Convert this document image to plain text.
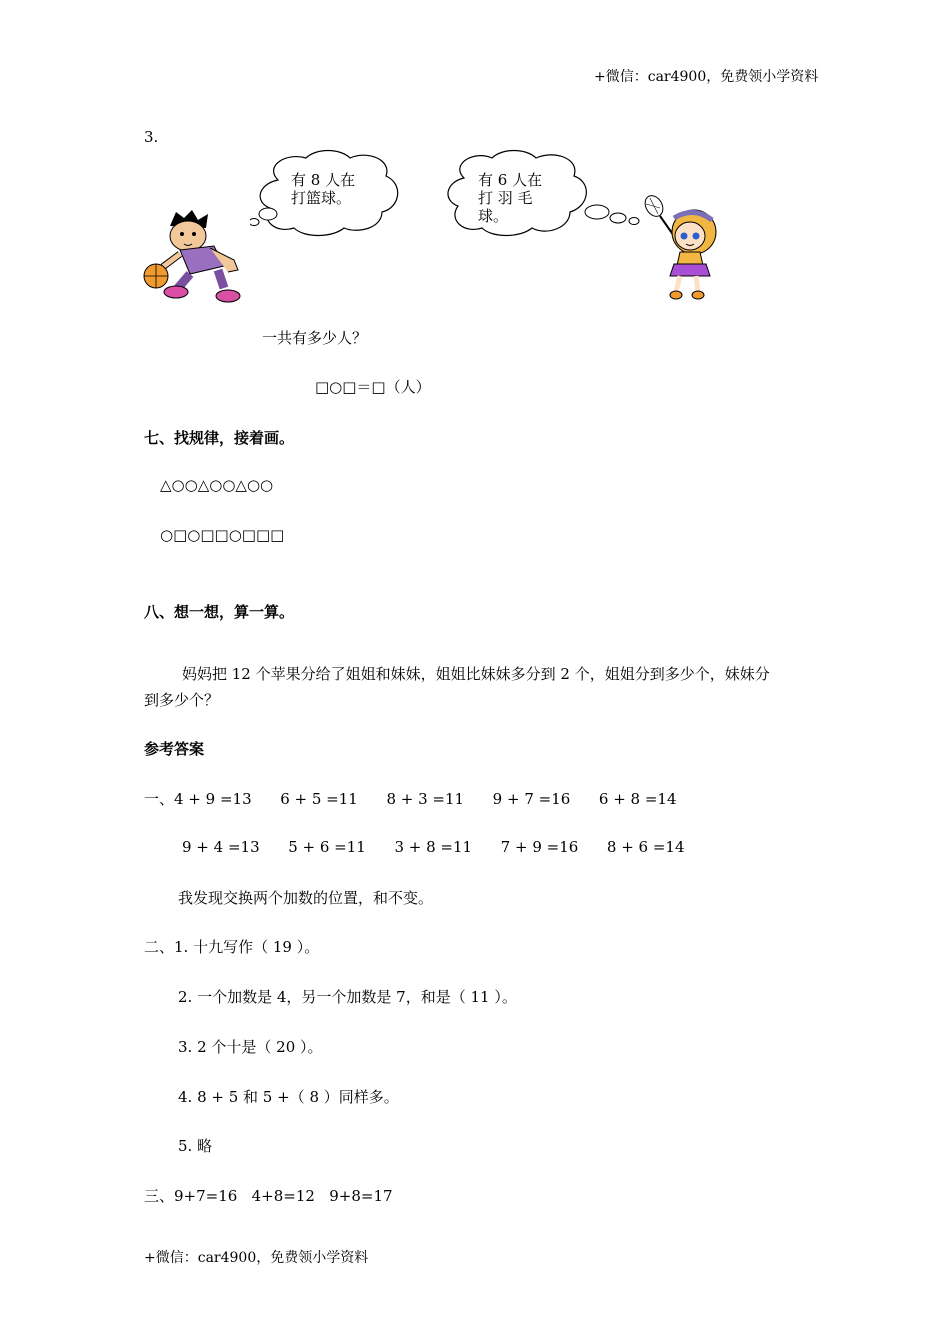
+微信：car4900，免费领小学资料
3.
有 8 人在
打篮球。
有 6 人在
打 羽 毛
球。
一共有多少人？
□○□＝□（人）
七、找规律，接着画。
△○○△○○△○○
○□○□□○□□□
八、想一想，算一算。
妈妈把 12 个苹果分给了姐姐和妹妹，姐姐比妹妹多分到 2 个，姐姐分到多少个，妹妹分
到多少个？
参考答案
一、4 + 9 =13      6 + 5 =11      8 + 3 =11      9 + 7 =16      6 + 8 =14
9 + 4 =13      5 + 6 =11      3 + 8 =11      7 + 9 =16      8 + 6 =14
我发现交换两个加数的位置，和不变。
二、1. 十九写作（ 19 ）。
2. 一个加数是 4，另一个加数是 7，和是（ 11 ）。
3. 2 个十是（ 20 ）。
4. 8 + 5 和 5 +（ 8 ）同样多。
5. 略
三、9+7=16   4+8=12   9+8=17
+微信：car4900，免费领小学资料
